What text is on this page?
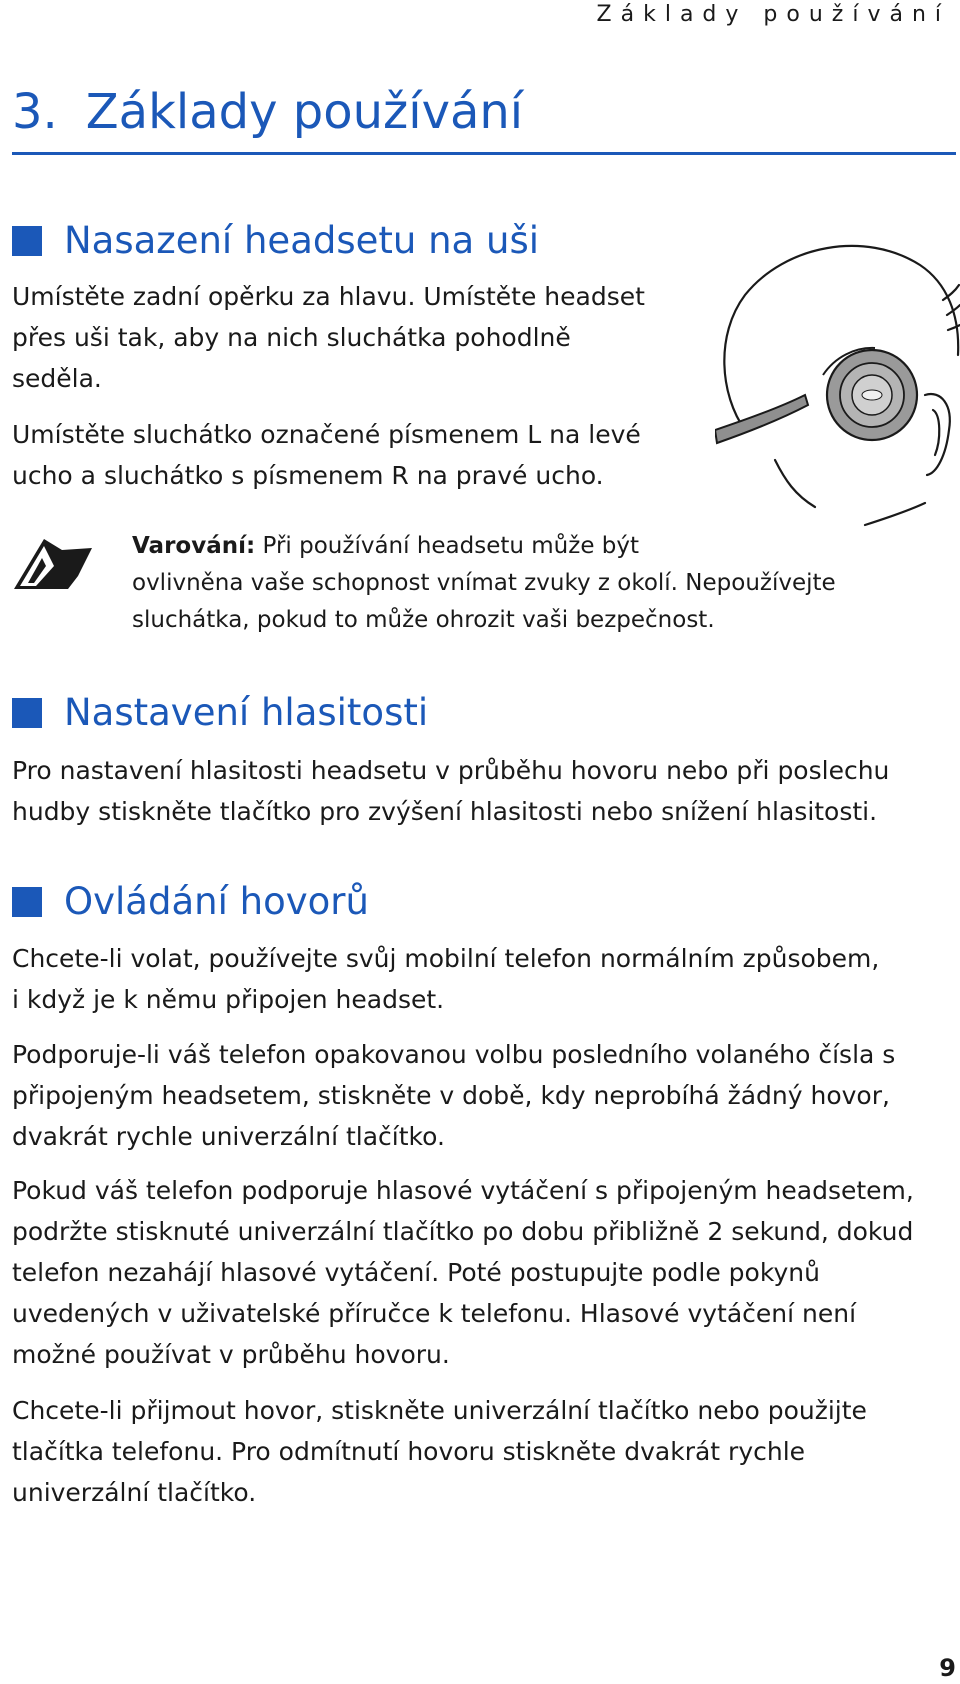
Základy používání
3. Základy používání
Nasazení headsetu na uši

Umístěte zadní opěrku za hlavu. Umístěte headset
přes uši tak, aby na nich sluchátka pohodlně
seděla.

Umístěte sluchátko označené písmenem L na levé
ucho a sluchátko s písmenem R na pravé ucho.

Varování: Při používání headsetu může být
ovlivněna vaše schopnost vnímat zvuky z okolí. Nepoužívejte
sluchátka, pokud to může ohrozit vaši bezpečnost.

Nastavení hlasitosti

Pro nastavení hlasitosti headsetu v průběhu hovoru nebo při poslechu
hudby stiskněte tlačítko pro zvýšení hlasitosti nebo snížení hlasitosti.

Ovládání hovorů

Chcete-li volat, používejte svůj mobilní telefon normálním způsobem,
i když je k němu připojen headset.

Podporuje-li váš telefon opakovanou volbu posledního volaného čísla s
připojeným headsetem, stiskněte v době, kdy neprobíhá žádný hovor,
dvakrát rychle univerzální tlačítko.

Pokud váš telefon podporuje hlasové vytáčení s připojeným headsetem,
podržte stisknuté univerzální tlačítko po dobu přibližně 2 sekund, dokud
telefon nezahájí hlasové vytáčení. Poté postupujte podle pokynů
uvedených v uživatelské příručce k telefonu. Hlasové vytáčení není
možné používat v průběhu hovoru.

Chcete-li přijmout hovor, stiskněte univerzální tlačítko nebo použijte
tlačítka telefonu. Pro odmítnutí hovoru stiskněte dvakrát rychle
univerzální tlačítko.

9
